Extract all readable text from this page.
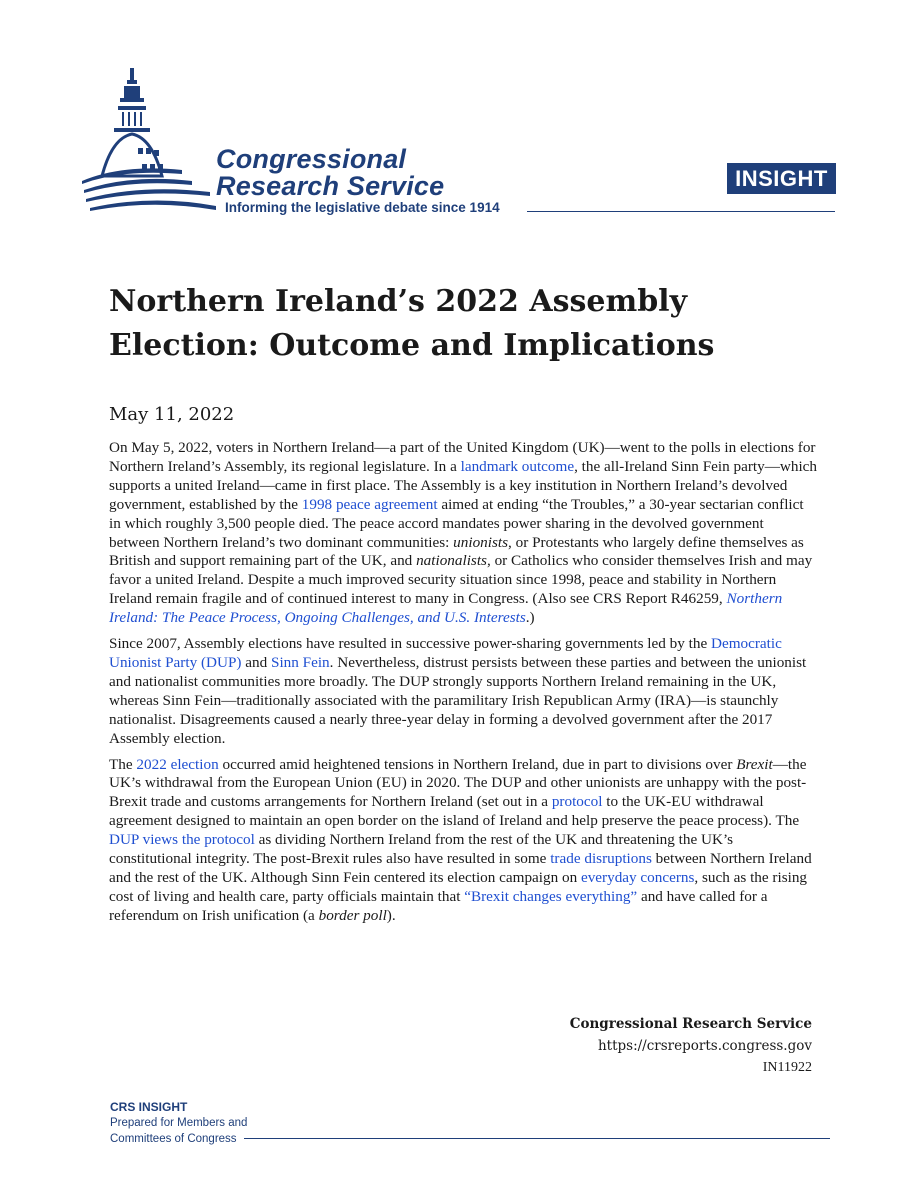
Congressional
Research Service
Informing the legislative debate since 1914
INSIGHT
Northern Ireland’s 2022 Assembly Election: Outcome and Implications
May 11, 2022

On May 5, 2022, voters in Northern Ireland—a part of the United Kingdom (UK)—went to the polls in elections for Northern Ireland’s Assembly, its regional legislature. In a landmark outcome, the all-Ireland Sinn Fein party—which supports a united Ireland—came in first place. The Assembly is a key institution in Northern Ireland’s devolved government, established by the 1998 peace agreement aimed at ending “the Troubles,” a 30-year sectarian conflict in which roughly 3,500 people died. The peace accord mandates power sharing in the devolved government between Northern Ireland’s two dominant communities: unionists, or Protestants who largely define themselves as British and support remaining part of the UK, and nationalists, or Catholics who consider themselves Irish and may favor a united Ireland. Despite a much improved security situation since 1998, peace and stability in Northern Ireland remain fragile and of continued interest to many in Congress. (Also see CRS Report R46259, Northern Ireland: The Peace Process, Ongoing Challenges, and U.S. Interests.)

Since 2007, Assembly elections have resulted in successive power-sharing governments led by the Democratic Unionist Party (DUP) and Sinn Fein. Nevertheless, distrust persists between these parties and between the unionist and nationalist communities more broadly. The DUP strongly supports Northern Ireland remaining in the UK, whereas Sinn Fein—traditionally associated with the paramilitary Irish Republican Army (IRA)—is staunchly nationalist. Disagreements caused a nearly three-year delay in forming a devolved government after the 2017 Assembly election.

The 2022 election occurred amid heightened tensions in Northern Ireland, due in part to divisions over Brexit—the UK’s withdrawal from the European Union (EU) in 2020. The DUP and other unionists are unhappy with the post-Brexit trade and customs arrangements for Northern Ireland (set out in a protocol to the UK-EU withdrawal agreement designed to maintain an open border on the island of Ireland and help preserve the peace process). The DUP views the protocol as dividing Northern Ireland from the rest of the UK and threatening the UK’s constitutional integrity. The post-Brexit rules also have resulted in some trade disruptions between Northern Ireland and the rest of the UK. Although Sinn Fein centered its election campaign on everyday concerns, such as the rising cost of living and health care, party officials maintain that “Brexit changes everything” and have called for a referendum on Irish unification (a border poll).

Congressional Research Service
https://crsreports.congress.gov
IN11922
CRS INSIGHT
Prepared for Members and
Committees of Congress
